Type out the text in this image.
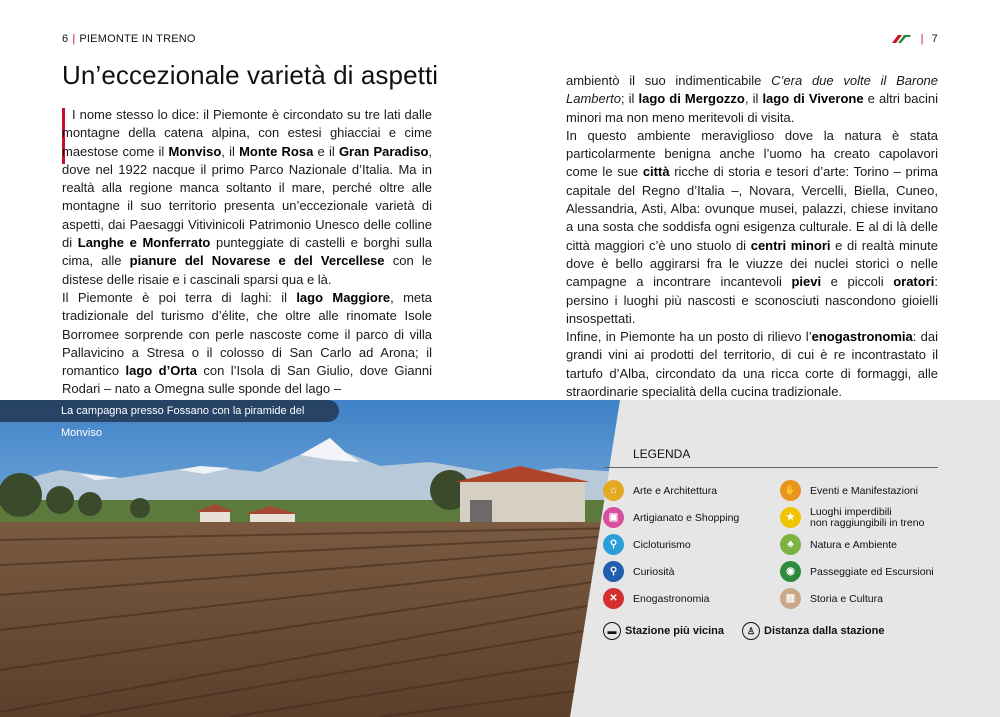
6 | PIEMONTE IN TRENO	| 7
Un’eccezionale varietà di aspetti

I nome stesso lo dice: il Piemonte è circondato su tre lati dalle montagne della catena alpina, con estesi ghiacciai e cime maestose come il Monviso, il Monte Rosa e il Gran Paradiso, dove nel 1922 nacque il primo Parco Nazionale d’Italia. Ma in realtà alla regione manca soltanto il mare, perché oltre alle montagne il suo territorio presenta un’eccezionale varietà di aspetti, dai Paesaggi Vitivinicoli Patrimonio Unesco delle colline di Langhe e Monferrato punteggiate di castelli e borghi sulla cima, alle pianure del Novarese e del Vercellese con le distese delle risaie e i cascinali sparsi qua e là.

Il Piemonte è poi terra di laghi: il lago Maggiore, meta tradizionale del turismo d’élite, che oltre alle rinomate Isole Borromee sorprende con perle nascoste come il parco di villa Pallavicino a Stresa o il colosso di San Carlo ad Arona; il romantico lago d’Orta con l’Isola di San Giulio, dove Gianni Rodari – nato a Omegna sulle sponde del lago –

ambientò il suo indimenticabile C’era due volte il Barone Lamberto; il lago di Mergozzo, il lago di Viverone e altri bacini minori ma non meno meritevoli di visita.

In questo ambiente meraviglioso dove la natura è stata particolarmente benigna anche l’uomo ha creato capolavori come le sue città ricche di storia e tesori d’arte: Torino – prima capitale del Regno d’Italia –, Novara, Vercelli, Biella, Cuneo, Alessandria, Asti, Alba: ovunque musei, palazzi, chiese invitano a una sosta che soddisfa ogni esigenza culturale. E al di là delle città maggiori c’è uno stuolo di centri minori e di realtà minute dove è bello aggirarsi fra le viuzze dei nuclei storici o nelle campagne a incontrare incantevoli pievi e piccoli oratori: persino i luoghi più nascosti e sconosciuti nascondono gioielli insospettati.

Infine, in Piemonte ha un posto di rilievo l’enogastronomia: dai grandi vini ai prodotti del territorio, di cui è re incontrastato il tartufo d’Alba, circondato da una ricca corte di formaggi, alle straordinarie specialità della cucina tradizionale.

La campagna presso Fossano con la piramide del Monviso
LEGENDA
⌂	Arte e Architettura	✋	Eventi e Manifestazioni
▣	Artigianato e Shopping	★	Luoghi imperdibili
non raggiungibili in treno
⚲	Cicloturismo	♣	Natura e Ambiente
⚲	Curiosità	◉	Passeggiate ed Escursioni
✕	Enogastronomia	▥	Storia e Cultura
▬ Stazione più vicina	♙ Distanza dalla stazione
